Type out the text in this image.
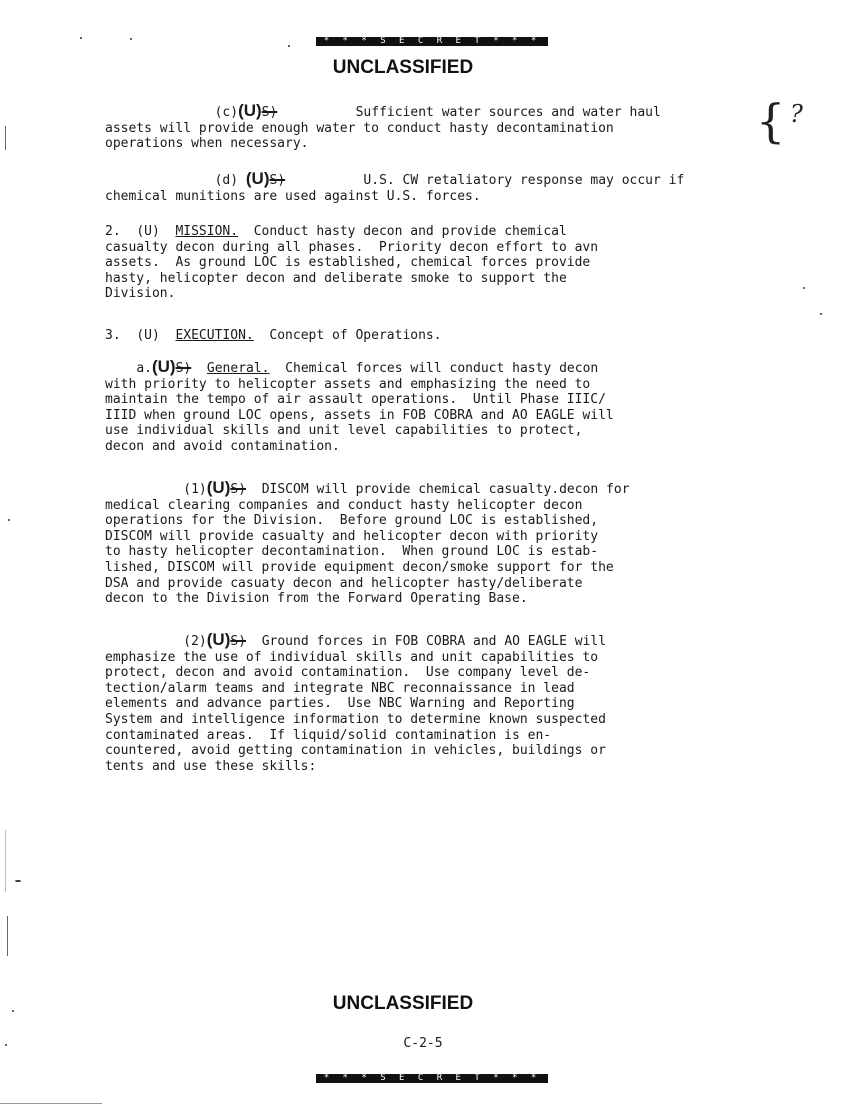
* * * S E C R E T * * *
UNCLASSIFIED
(c)(U)S)          Sufficient water sources and water haul
assets will provide enough water to conduct hasty decontamination
operations when necessary.	{ ?
(d) (U)S)          U.S. CW retaliatory response may occur if
chemical munitions are used against U.S. forces.
2. (U) MISSION. Conduct hasty decon and provide chemical
casualty decon during all phases.  Priority decon effort to avn
assets.  As ground LOC is established, chemical forces provide
hasty, helicopter decon and deliberate smoke to support the
Division.
3. (U) EXECUTION. Concept of Operations.
a.(U)S) General. Chemical forces will conduct hasty decon
with priority to helicopter assets and emphasizing the need to
maintain the tempo of air assault operations.  Until Phase IIIC/
IIID when ground LOC opens, assets in FOB COBRA and AO EAGLE will
use individual skills and unit level capabilities to protect,
decon and avoid contamination.
(1)(U)S) DISCOM will provide chemical casualty.decon for
medical clearing companies and conduct hasty helicopter decon
operations for the Division.  Before ground LOC is established,
DISCOM will provide casualty and helicopter decon with priority
to hasty helicopter decontamination.  When ground LOC is estab-
lished, DISCOM will provide equipment decon/smoke support for the
DSA and provide casuaty decon and helicopter hasty/deliberate
decon to the Division from the Forward Operating Base.
(2)(U)S) Ground forces in FOB COBRA and AO EAGLE will
emphasize the use of individual skills and unit capabilities to
protect, decon and avoid contamination.  Use company level de-
tection/alarm teams and integrate NBC reconnaissance in lead
elements and advance parties.  Use NBC Warning and Reporting
System and intelligence information to determine known suspected
contaminated areas.  If liquid/solid contamination is en-
countered, avoid getting contamination in vehicles, buildings or
tents and use these skills:
UNCLASSIFIED
C-2-5
* * * S E C R E T * * *
